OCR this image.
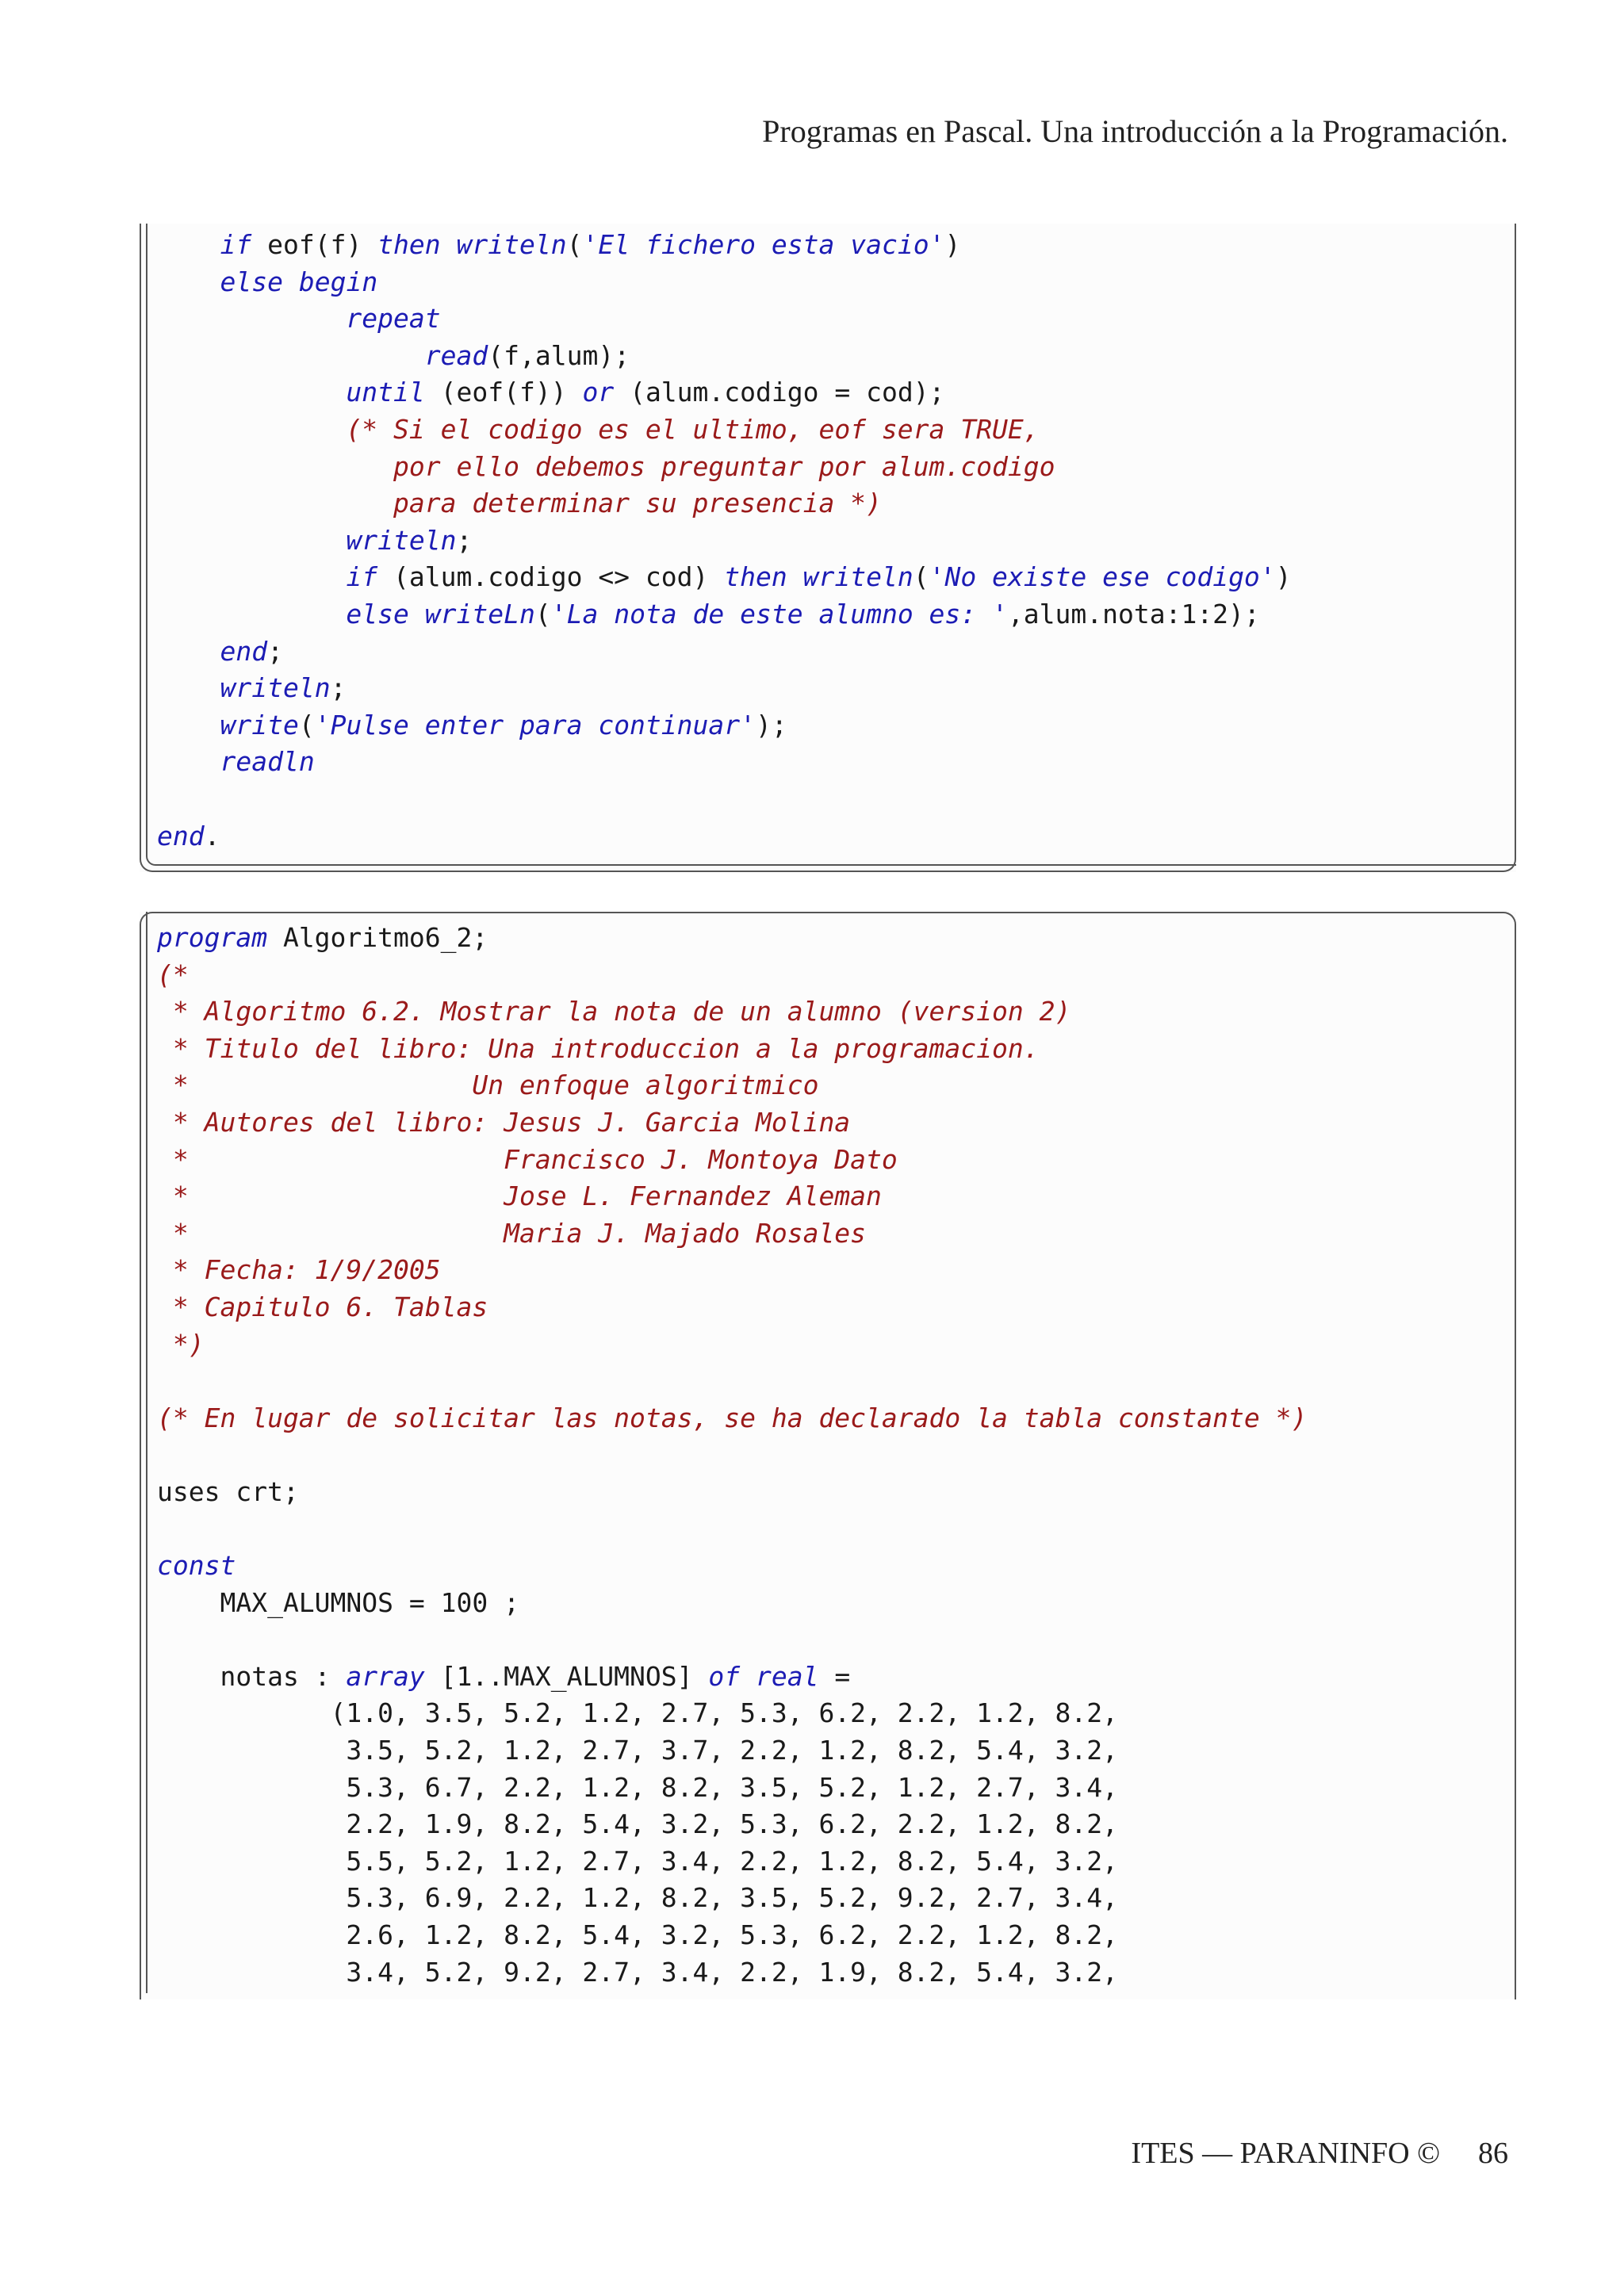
Programas en Pascal. Una introducción a la Programación.
if eof(f) then writeln('El fichero esta vacio')
else begin
repeat
read(f,alum);
until (eof(f)) or (alum.codigo = cod);
(* Si el codigo es el ultimo, eof sera TRUE,
por ello debemos preguntar por alum.codigo
para determinar su presencia *)
writeln;
if (alum.codigo <> cod) then writeln('No existe ese codigo')
else writeLn('La nota de este alumno es: ',alum.nota:1:2);
end;
writeln;
write('Pulse enter para continuar');
readln
end.
program Algoritmo6_2;
(*
* Algoritmo 6.2. Mostrar la nota de un alumno (version 2)
* Titulo del libro: Una introduccion a la programacion.
*                  Un enfoque algoritmico
* Autores del libro: Jesus J. Garcia Molina
*                    Francisco J. Montoya Dato
*                    Jose L. Fernandez Aleman
*                    Maria J. Majado Rosales
* Fecha: 1/9/2005
* Capitulo 6. Tablas
*)
(* En lugar de solicitar las notas, se ha declarado la tabla constante *)
uses crt;
const
MAX_ALUMNOS = 100 ;
notas : array [1..MAX_ALUMNOS] of real =
(1.0, 3.5, 5.2, 1.2, 2.7, 5.3, 6.2, 2.2, 1.2, 8.2,
3.5, 5.2, 1.2, 2.7, 3.7, 2.2, 1.2, 8.2, 5.4, 3.2,
5.3, 6.7, 2.2, 1.2, 8.2, 3.5, 5.2, 1.2, 2.7, 3.4,
2.2, 1.9, 8.2, 5.4, 3.2, 5.3, 6.2, 2.2, 1.2, 8.2,
5.5, 5.2, 1.2, 2.7, 3.4, 2.2, 1.2, 8.2, 5.4, 3.2,
5.3, 6.9, 2.2, 1.2, 8.2, 3.5, 5.2, 9.2, 2.7, 3.4,
2.6, 1.2, 8.2, 5.4, 3.2, 5.3, 6.2, 2.2, 1.2, 8.2,
3.4, 5.2, 9.2, 2.7, 3.4, 2.2, 1.9, 8.2, 5.4, 3.2,
ITES — PARANINFO © 86
